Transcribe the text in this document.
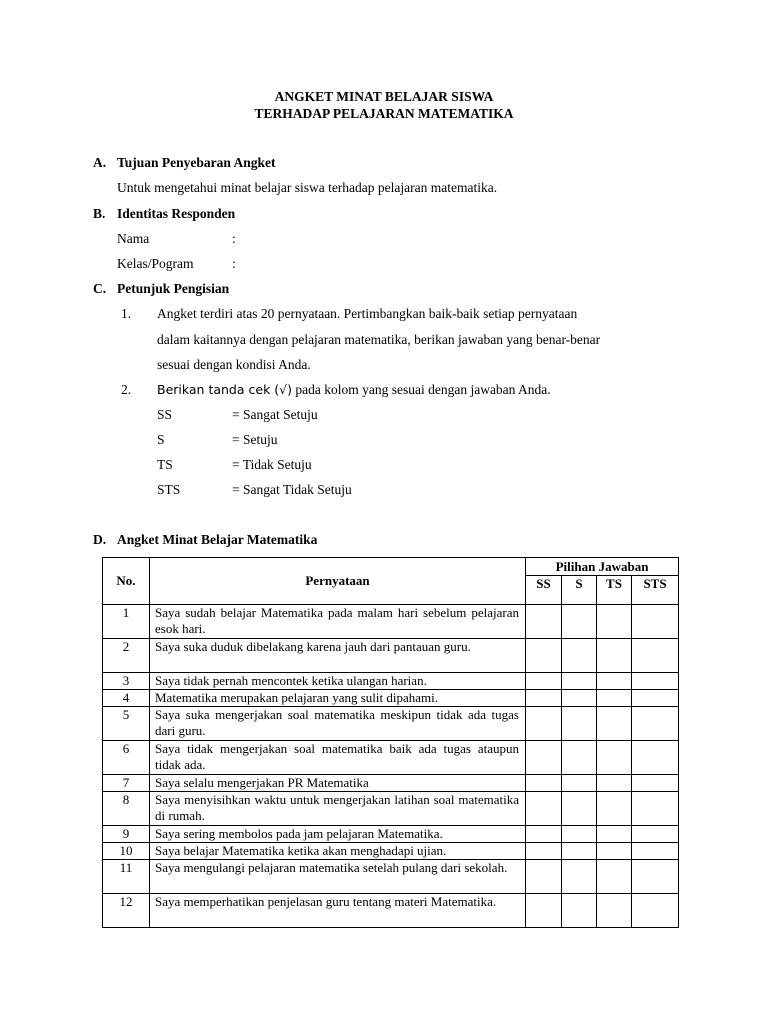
ANGKET MINAT BELAJAR SISWA
TERHADAP PELAJARAN MATEMATIKA
A. Tujuan Penyebaran Angket
Untuk mengetahui minat belajar siswa terhadap pelajaran matematika.
B. Identitas Responden
Nama	:
Kelas/Pogram	:
C. Petunjuk Pengisian
1. Angket terdiri atas 20 pernyataan. Pertimbangkan baik-baik setiap pernyataan
dalam kaitannya dengan pelajaran matematika, berikan jawaban yang benar-benar
sesuai dengan kondisi Anda.
2. Berikan tanda cek (√) pada kolom yang sesuai dengan jawaban Anda.
SS	= Sangat Setuju
S	= Setuju
TS	= Tidak Setuju
STS	= Sangat Tidak Setuju
D. Angket Minat Belajar Matematika
No.	Pernyataan	Pilihan Jawaban			
		SS	S	TS	STS
1	Saya sudah belajar Matematika pada malam hari sebelum pelajaran esok hari.				
2	Saya suka duduk dibelakang karena jauh dari pantauan guru.				
3	Saya tidak pernah mencontek ketika ulangan harian.				
4	Matematika merupakan pelajaran yang sulit dipahami.				
5	Saya suka mengerjakan soal matematika meskipun tidak ada tugas dari guru.				
6	Saya tidak mengerjakan soal matematika baik ada tugas ataupun tidak ada.				
7	Saya selalu mengerjakan PR Matematika				
8	Saya menyisihkan waktu untuk mengerjakan latihan soal matematika di rumah.				
9	Saya sering membolos pada jam pelajaran Matematika.				
10	Saya belajar Matematika ketika akan menghadapi ujian.				
11	Saya mengulangi pelajaran matematika setelah pulang dari sekolah.				
12	Saya memperhatikan penjelasan guru tentang materi Matematika.				
